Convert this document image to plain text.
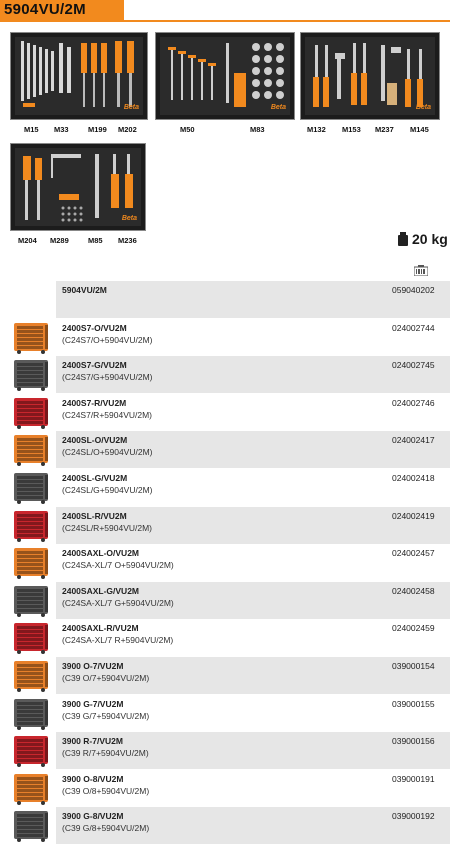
5904VU/2M
Beta
M15 M33	M199 M202
Beta
M50	M83
Beta
M132 M153 M237 M145
Beta
M204 M289	M85 M236	20 kg
5904VU/2M	059040202
2400S7-O/VU2M
(C24S7/O+5904VU/2M)
024002744
2400S7-G/VU2M
(C24S7/G+5904VU/2M)
024002745
2400S7-R/VU2M
(C24S7/R+5904VU/2M)
024002746
2400SL-O/VU2M
(C24SL/O+5904VU/2M)
024002417
2400SL-G/VU2M
(C24SL/G+5904VU/2M)
024002418
2400SL-R/VU2M
(C24SL/R+5904VU/2M)
024002419
2400SAXL-O/VU2M
(C24SA-XL/7 O+5904VU/2M)
024002457
2400SAXL-G/VU2M
(C24SA-XL/7 G+5904VU/2M)
024002458
2400SAXL-R/VU2M
(C24SA-XL/7 R+5904VU/2M)
024002459
3900 O-7/VU2M
(C39 O/7+5904VU/2M)
039000154
3900 G-7/VU2M
(C39 G/7+5904VU/2M)
039000155
3900 R-7/VU2M
(C39 R/7+5904VU/2M)
039000156
3900 O-8/VU2M
(C39 O/8+5904VU/2M)
039000191
3900 G-8/VU2M
(C39 G/8+5904VU/2M)
039000192
